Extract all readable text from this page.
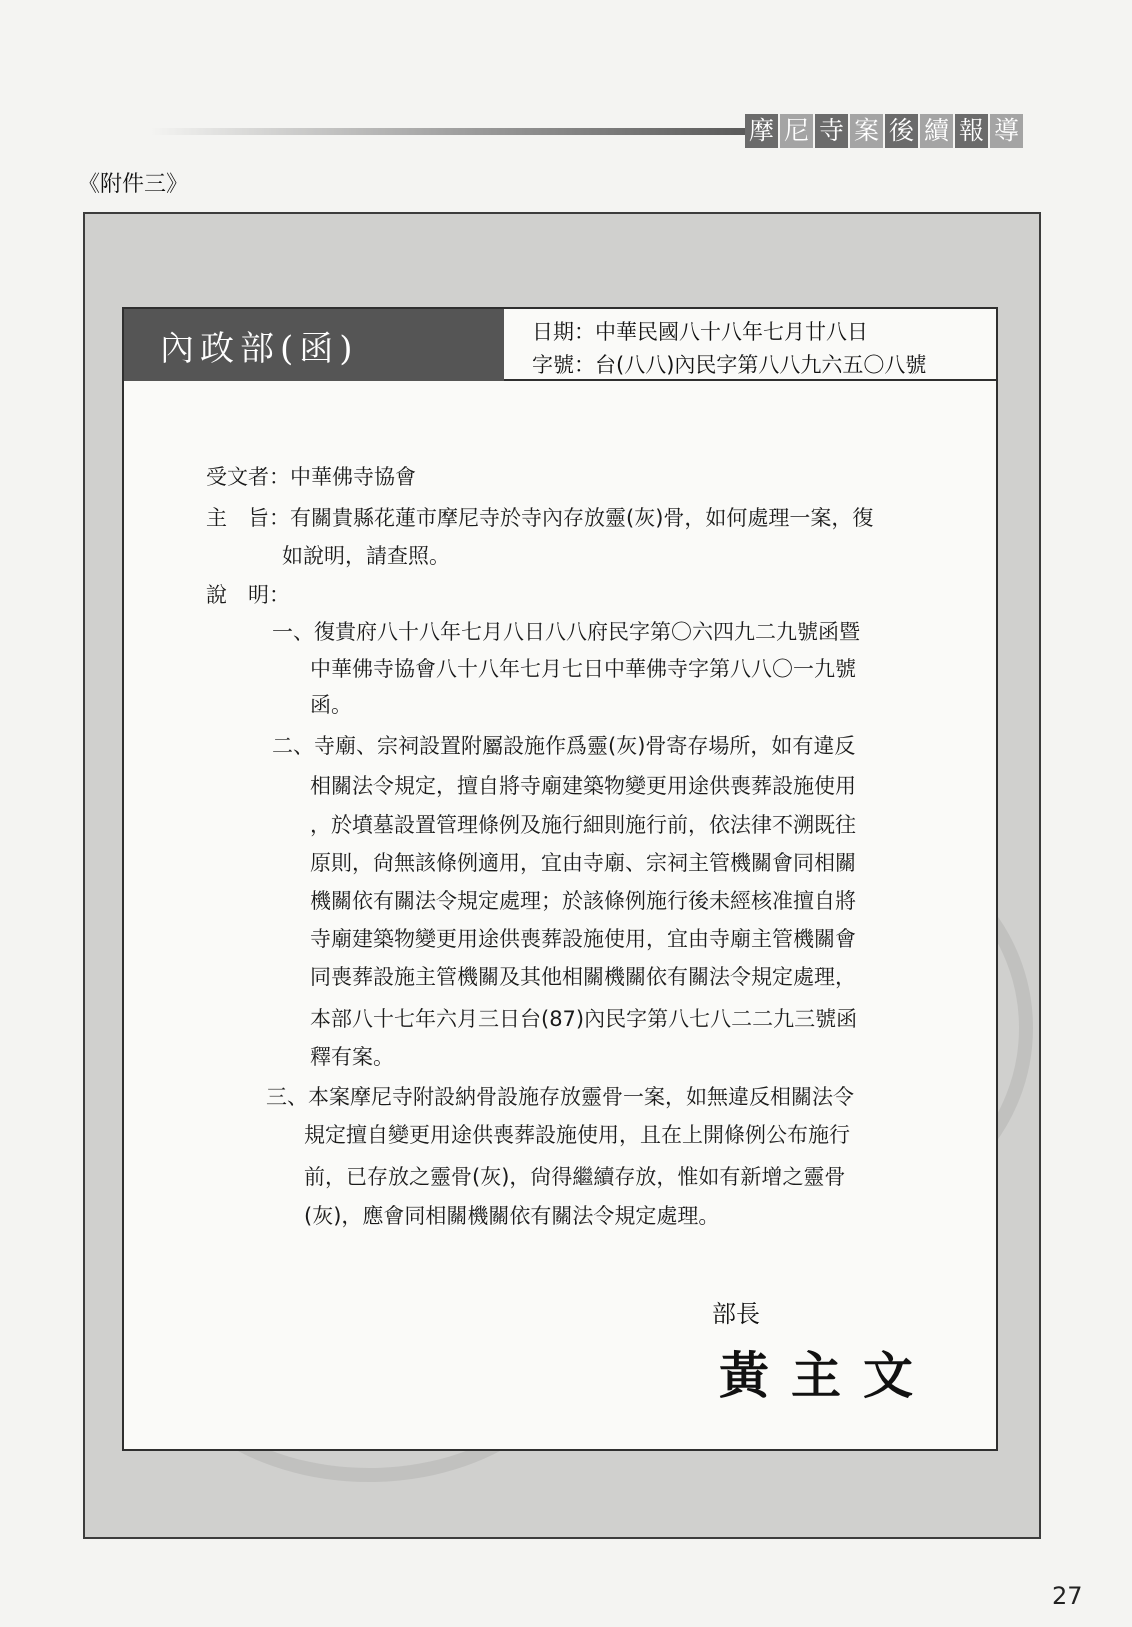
摩 尼 寺 案 後 續 報 導
《附件三》
內政部(函)	日期：中華民國八十八年七月廿八日
字號：台(八八)內民字第八八九六五〇八號
受文者：中華佛寺協會
主　旨：有關貴縣花蓮市摩尼寺於寺內存放靈(灰)骨，如何處理一案，復
如說明，請查照。
說　明：
一、復貴府八十八年七月八日八八府民字第〇六四九二九號函暨
中華佛寺協會八十八年七月七日中華佛寺字第八八〇一九號
函。
二、寺廟、宗祠設置附屬設施作爲靈(灰)骨寄存場所，如有違反
相關法令規定，擅自將寺廟建築物變更用途供喪葬設施使用
，於墳墓設置管理條例及施行細則施行前，依法律不溯既往
原則，尙無該條例適用，宜由寺廟、宗祠主管機關會同相關
機關依有關法令規定處理；於該條例施行後未經核准擅自將
寺廟建築物變更用途供喪葬設施使用，宜由寺廟主管機關會
同喪葬設施主管機關及其他相關機關依有關法令規定處理，
本部八十七年六月三日台(87)內民字第八七八二二九三號函
釋有案。
三、本案摩尼寺附設納骨設施存放靈骨一案，如無違反相關法令
規定擅自變更用途供喪葬設施使用，且在上開條例公布施行
前，已存放之靈骨(灰)，尙得繼續存放，惟如有新增之靈骨
(灰)，應會同相關機關依有關法令規定處理。
部長
黃主文
27
